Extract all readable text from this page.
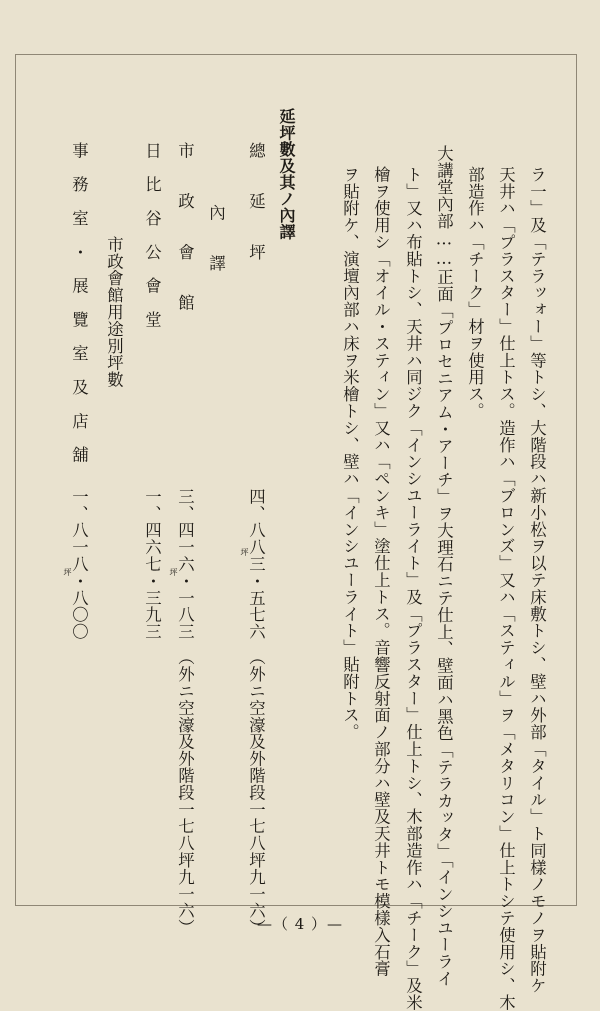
ラ一」及「テラッォー」等トシ、大階段ハ新小松ヲ以テ床敷トシ、壁ハ外部「タイル」ト同樣ノモノヲ貼附ケ
天井ハ「プラスター」仕上トス。造作ハ「ブロンズ」又ハ「スティル」ヲ「メタリコン」仕上トシテ使用シ、木
部造作ハ「チーク」材ヲ使用ス。
大講堂內部……正面「プロセニアム・アーチ」ヲ大理石ニテ仕上、壁面ハ黑色「テラカッタ」「インシユーライ
ト」又ハ布貼トシ、天井ハ同ジク「インシユーライト」及「プラスター」仕上トシ、木部造作ハ「チーク」及米
檜ヲ使用シ「オイル・スティン」又ハ「ペンキ」塗仕上トス。音響反射面ノ部分ハ壁及天井トモ模樣入石膏
ヲ貼附ケ、演壇內部ハ床ヲ米檜トシ、壁ハ「インシユーライト」貼附トス。
延坪數及其ノ內譯
總　　延　　坪
四、八八三・五七六　（外ニ空濠及外階段一七八坪九一六）
坪
內　　譯
市　　政　　會　　館
三、四一六・一八三　（外ニ空濠及外階段一七八坪九一六）
坪
日　比　谷　公　會　堂
一、四六七・三九三
市政會館用途別坪數
事　務　室　・　展　覽　室　及　店　舖
一、八一八・八〇〇
坪
—（ 4 ）—
